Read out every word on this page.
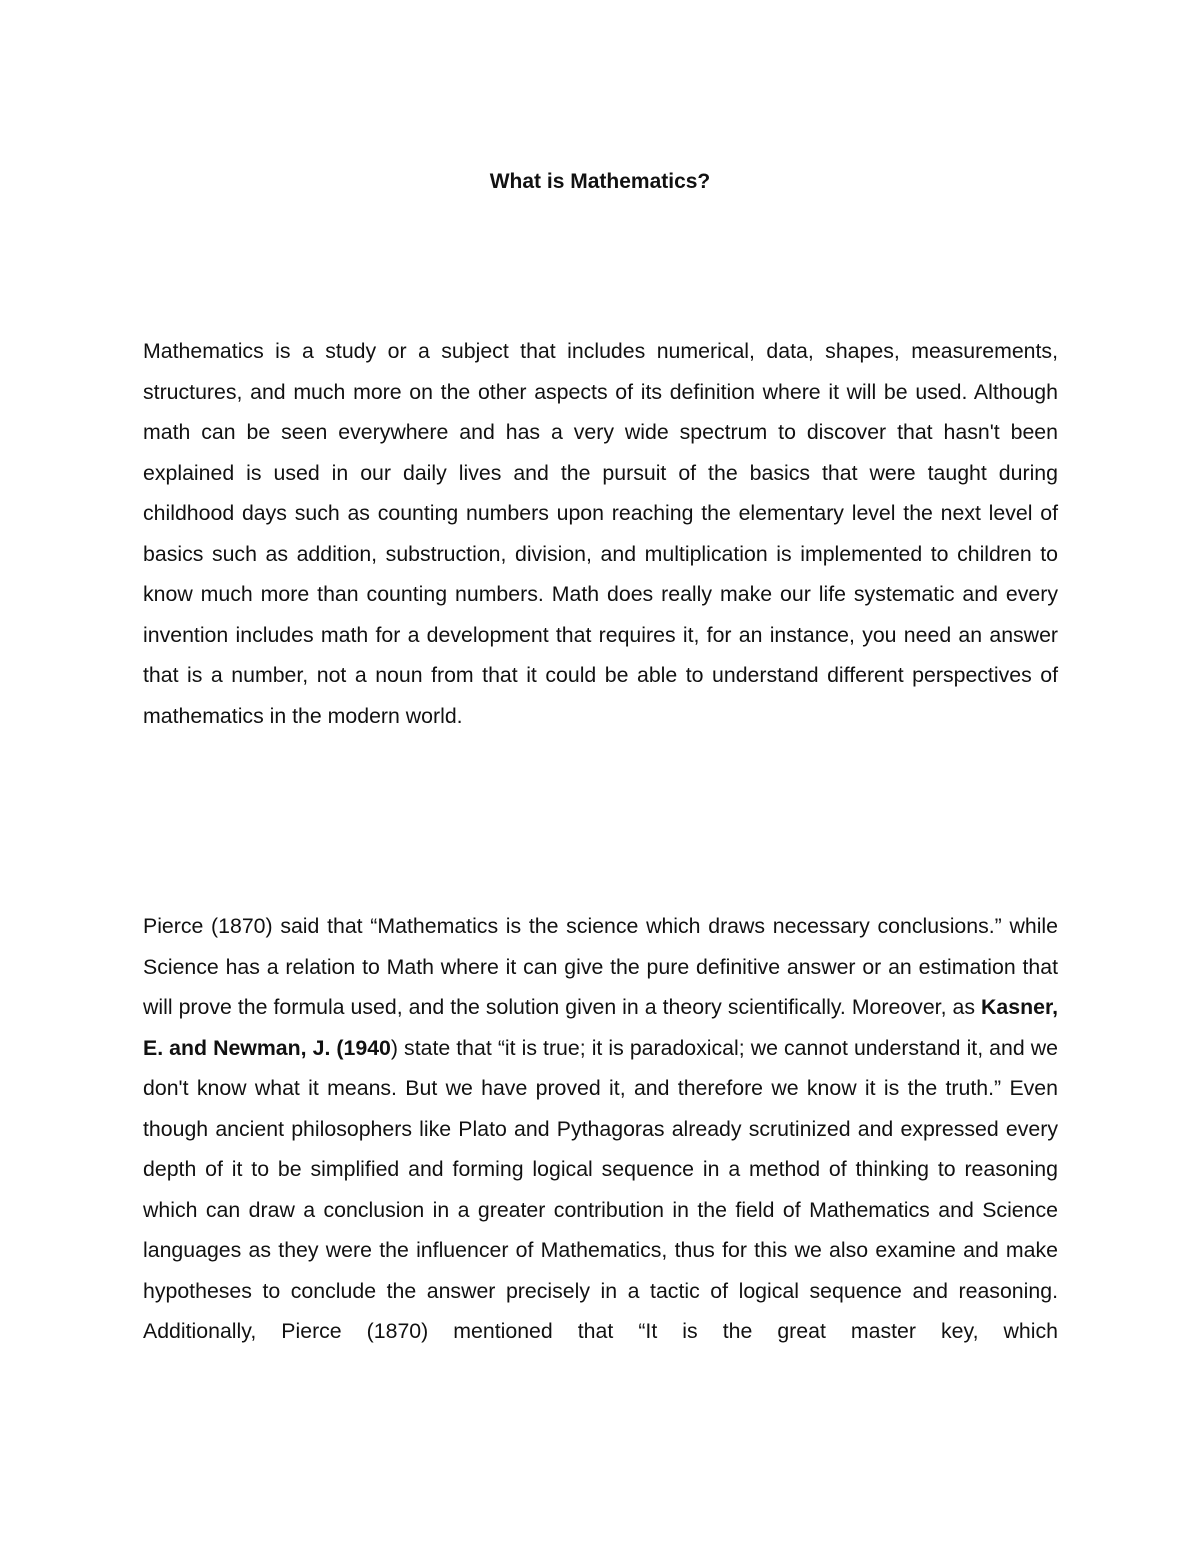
What is Mathematics?

Mathematics is a study or a subject that includes numerical, data, shapes, measurements, structures, and much more on the other aspects of its definition where it will be used. Although math can be seen everywhere and has a very wide spectrum to discover that hasn't been explained is used in our daily lives and the pursuit of the basics that were taught during childhood days such as counting numbers upon reaching the elementary level the next level of basics such as addition, substruction, division, and multiplication is implemented to children to know much more than counting numbers. Math does really make our life systematic and every invention includes math for a development that requires it, for an instance, you need an answer that is a number, not a noun from that it could be able to understand different perspectives of mathematics in the modern world.

Pierce (1870) said that “Mathematics is the science which draws necessary conclusions.” while Science has a relation to Math where it can give the pure definitive answer or an estimation that will prove the formula used, and the solution given in a theory scientifically. Moreover, as Kasner, E. and Newman, J. (1940) state that “it is true; it is paradoxical; we cannot understand it, and we don't know what it means. But we have proved it, and therefore we know it is the truth.” Even though ancient philosophers like Plato and Pythagoras already scrutinized and expressed every depth of it to be simplified and forming logical sequence in a method of thinking to reasoning which can draw a conclusion in a greater contribution in the field of Mathematics and Science languages as they were the influencer of Mathematics, thus for this we also examine and make hypotheses to conclude the answer precisely in a tactic of logical sequence and reasoning. Additionally, Pierce (1870) mentioned that “It is the great master key, which
